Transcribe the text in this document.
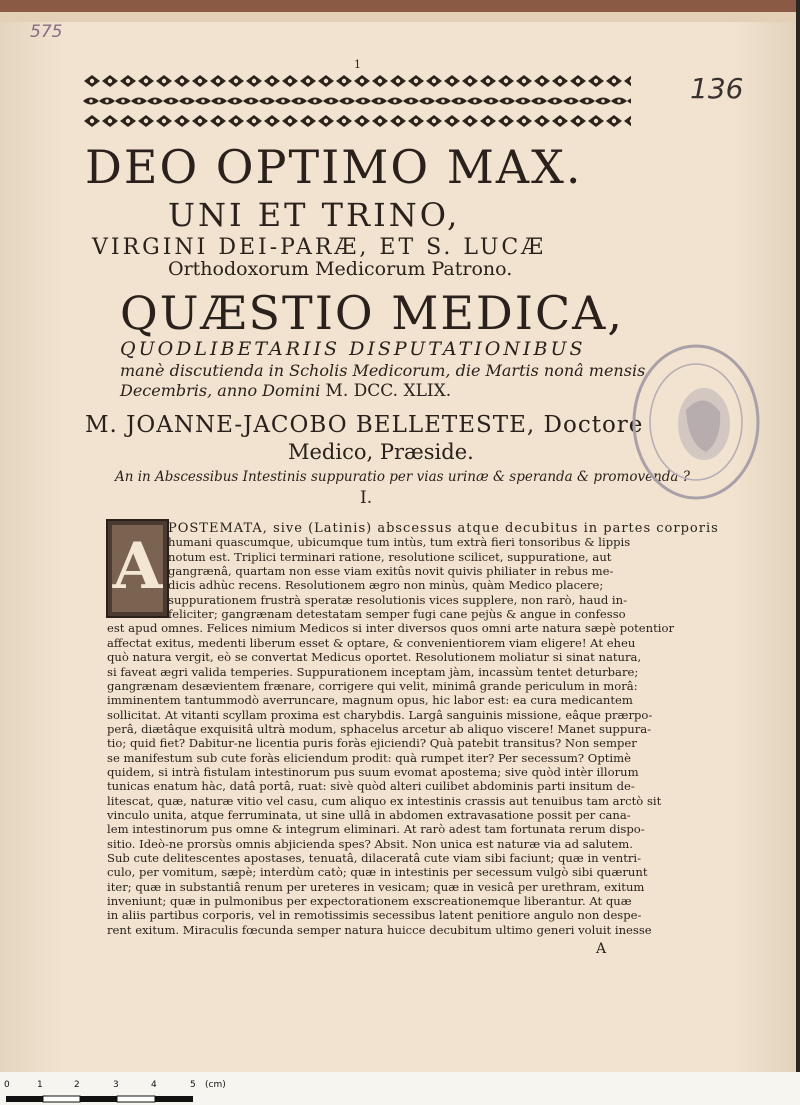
575
136
1
DEO OPTIMO MAX.
UNI ET TRINO,
VIRGINI DEI-PARÆ, ET S. LUCÆ
Orthodoxorum Medicorum Patrono.
QUÆSTIO MEDICA,
QUODLIBETARIIS DISPUTATIONIBUS
manè discutienda in Scholis Medicorum, die Martis nonâ mensis
Decembris, anno Domini M. DCC. XLIX.
M. JOANNE-JACOBO BELLETESTE, Doctore
Medico, Præside.
An in Abscessibus Intestinis suppuratio per vias urinæ & speranda & promovenda ?
I.
A
POSTEMATA, sive (Latinis) abscessus atque decubitus in partes corporis
humani quascumque, ubicumque tum intùs, tum extrà fieri tonsoribus & lippis
notum est. Triplici terminari ratione, resolutione scilicet, suppuratione, aut
gangrænâ, quartam non esse viam exitûs novit quivis philiater in rebus me-
dicis adhùc recens. Resolutionem ægro non minùs, quàm Medico placere;
suppurationem frustrà speratæ resolutionis vices supplere, non rarò, haud in-
feliciter; gangrænam detestatam semper fugi cane pejùs & angue in confesso
est apud omnes. Felices nimium Medicos si inter diversos quos omni arte natura sæpè potentior
affectat exitus, medenti liberum esset & optare, & convenientiorem viam eligere! At eheu
quò natura vergit, eò se convertat Medicus oportet. Resolutionem moliatur si sinat natura,
si faveat ægri valida temperies. Suppurationem inceptam jàm, incassùm tentet deturbare;
gangrænam desævientem frænare, corrigere qui velit, minimâ grande periculum in morâ:
imminentem tantummodò averruncare, magnum opus, hic labor est: ea cura medicantem
sollicitat. At vitanti scyllam proxima est charybdis. Largâ sanguinis missione, eâque prærpo-
perâ, diætâque exquisitâ ultrà modum, sphacelus arcetur ab aliquo viscere! Manet suppura-
tio; quid fiet? Dabitur-ne licentia puris foràs ejiciendi? Quà patebit transitus? Non semper
se manifestum sub cute foràs eliciendum prodit: quà rumpet iter? Per secessum? Optimè
quidem, si intrà fistulam intestinorum pus suum evomat apostema; sive quòd intèr illorum
tunicas enatum hàc, datâ portâ, ruat: sivè quòd alteri cuilibet abdominis parti insitum de-
litescat, quæ, naturæ vitio vel casu, cum aliquo ex intestinis crassis aut tenuibus tam arctò sit
vinculo unita, atque ferruminata, ut sine ullâ in abdomen extravasatione possit per cana-
lem intestinorum pus omne & integrum eliminari. At rarò adest tam fortunata rerum dispo-
sitio. Ideò-ne prorsùs omnis abjicienda spes? Absit. Non unica est naturæ via ad salutem.
Sub cute delitescentes apostases, tenuatâ, dilaceratâ cute viam sibi faciunt; quæ in ventri-
culo, per vomitum, sæpè; interdùm catò; quæ in intestinis per secessum vulgò sibi quærunt
iter; quæ in substantiâ renum per ureteres in vesicam; quæ in vesicâ per urethram, exitum
inveniunt; quæ in pulmonibus per expectorationem exscreationemque liberantur. At quæ
in aliis partibus corporis, vel in remotissimis secessibus latent penitiore angulo non despe-
rent exitum. Miraculis fœcunda semper natura huicce decubitum ultimo generi voluit inesse
A
0	1	2	3	4	5 (cm)
